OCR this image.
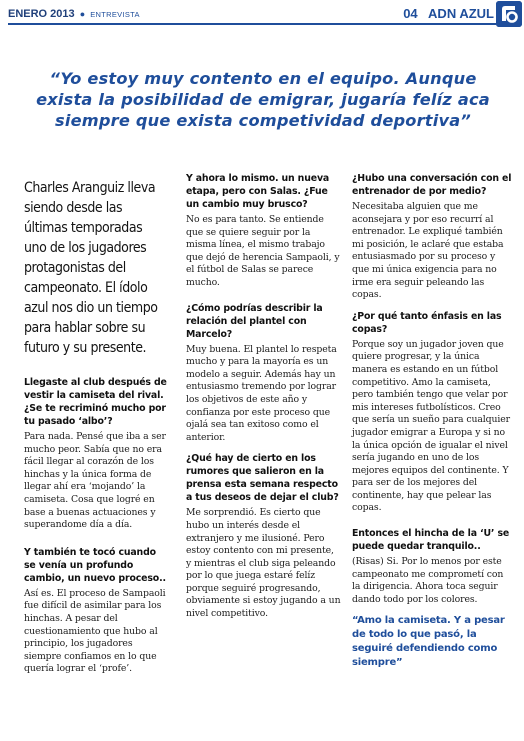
ENERO 2013 ● ENTREVISTA	04 ADN AZUL
“Yo estoy muy contento en el equipo. Aunque exista la posibilidad de emigrar, jugaría felíz aca siempre que exista competividad deportiva”
Charles Aranguiz lleva siendo desde las últimas temporadas uno de los jugadores protagonistas del campeonato. El ídolo azul nos dio un tiempo para hablar sobre su futuro y su presente.
Llegaste al club después de vestir la camiseta del rival. ¿Se te recriminó mucho por tu pasado ‘albo’?
Para nada. Pensé que iba a ser mucho peor. Sabía que no era fácil llegar al corazón de los hinchas y la única forma de llegar ahí era ‘mojando’ la camiseta. Cosa que logré en base a buenas actuaciones y superandome día a día.
Y también te tocó cuando se venía un profundo cambio, un nuevo proceso..
Así es. El proceso de Sampaoli fue difícil de asimilar para los hinchas. A pesar del cuestionamiento que hubo al principio, los jugadores siempre confiamos en lo que quería lograr el ‘profe’.
Y ahora lo mismo. un nueva etapa, pero con Salas. ¿Fue un cambio muy brusco?
No es para tanto. Se entiende que se quiere seguir por la misma línea, el mismo trabajo que dejó de herencia Sampaoli, y el fútbol de Salas se parece mucho.
¿Cómo podrías describir la relación del plantel con Marcelo?
Muy buena. El plantel lo respeta mucho y para la mayoría es un modelo a seguir. Además hay un entusiasmo tremendo por lograr los objetivos de este año y confianza por este proceso que ojalá sea tan exitoso como el anterior.
¿Qué hay de cierto en los rumores que salieron en la prensa esta semana respecto a tus deseos de dejar el club?
Me sorprendió. Es cierto que hubo un interés desde el extranjero y me ilusioné. Pero estoy contento con mi presente, y mientras el club siga peleando por lo que juega estaré felíz porque seguiré progresando, obviamente si estoy jugando a un nivel competitivo.
¿Hubo una conversación con el entrenador de por medio?
Necesitaba alguien que me aconsejara y por eso recurrí al entrenador. Le expliqué también mi posición, le aclaré que estaba entusiasmado por su proceso y que mi única exigencia para no irme era seguir peleando las copas.
¿Por qué tanto énfasis en las copas?
Porque soy un jugador joven que quiere progresar, y la única manera es estando en un fútbol competitivo. Amo la camiseta, pero también tengo que velar por mis intereses futbolísticos. Creo que sería un sueño para cualquier jugador emigrar a Europa y si no la única opción de igualar el nivel sería jugando en uno de los mejores equipos del continente. Y para ser de los mejores del continente, hay que pelear las copas.
Entonces el hincha de la ‘U’ se puede quedar tranquilo..
(Risas) Si. Por lo menos por este campeonato me comprometí con la dirigencia. Ahora toca seguir dando todo por los colores.
“Amo la camiseta. Y a pesar de todo lo que pasó, la seguiré defendiendo como siempre”
